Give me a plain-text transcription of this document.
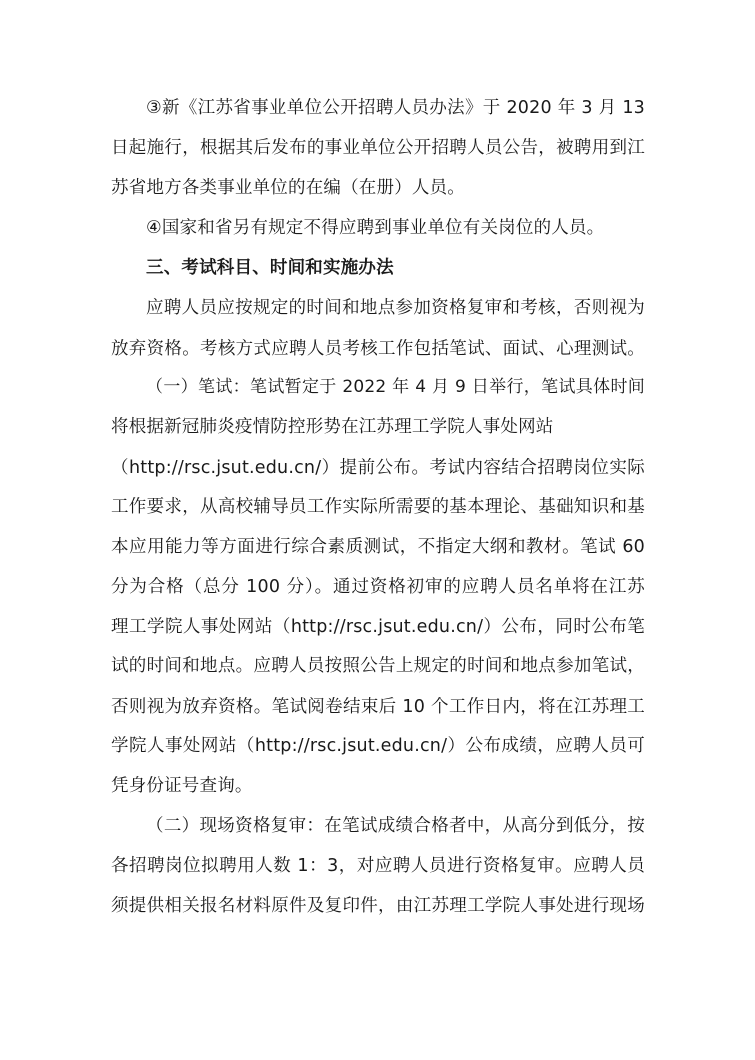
③新《江苏省事业单位公开招聘人员办法》于 2020 年 3 月 13
日起施行，根据其后发布的事业单位公开招聘人员公告，被聘用到江
苏省地方各类事业单位的在编（在册）人员。
④国家和省另有规定不得应聘到事业单位有关岗位的人员。
三、考试科目、时间和实施办法
应聘人员应按规定的时间和地点参加资格复审和考核，否则视为
放弃资格。考核方式应聘人员考核工作包括笔试、面试、心理测试。
（一）笔试：笔试暂定于 2022 年 4 月 9 日举行，笔试具体时间
将根据新冠肺炎疫情防控形势在江苏理工学院人事处网站
（http://rsc.jsut.edu.cn/）提前公布。考试内容结合招聘岗位实际
工作要求，从高校辅导员工作实际所需要的基本理论、基础知识和基
本应用能力等方面进行综合素质测试，不指定大纲和教材。笔试 60
分为合格（总分 100 分）。通过资格初审的应聘人员名单将在江苏
理工学院人事处网站（http://rsc.jsut.edu.cn/）公布，同时公布笔
试的时间和地点。应聘人员按照公告上规定的时间和地点参加笔试，
否则视为放弃资格。笔试阅卷结束后 10 个工作日内，将在江苏理工
学院人事处网站（http://rsc.jsut.edu.cn/）公布成绩，应聘人员可
凭身份证号查询。
（二）现场资格复审：在笔试成绩合格者中，从高分到低分，按
各招聘岗位拟聘用人数 1：3，对应聘人员进行资格复审。应聘人员
须提供相关报名材料原件及复印件，由江苏理工学院人事处进行现场
